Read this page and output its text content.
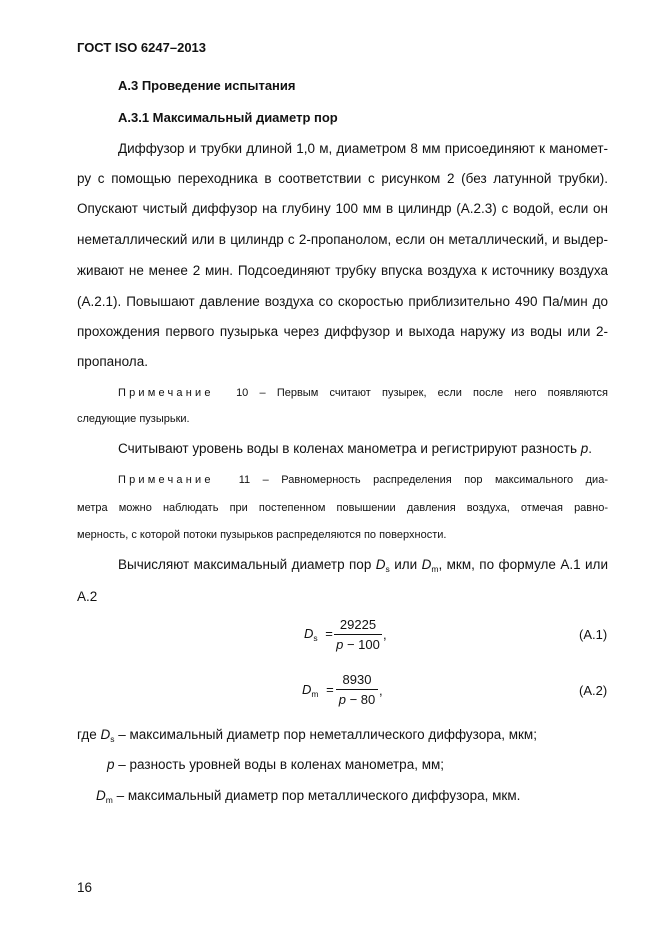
ГОСТ ISO 6247–2013
А.3 Проведение испытания
А.3.1 Максимальный диаметр пор
Диффузор и трубки длиной 1,0 м, диаметром 8 мм присоединяют к маномет-
ру с помощью переходника в соответствии с рисунком 2 (без латунной трубки).
Опускают чистый диффузор на глубину 100 мм в цилиндр (А.2.3) с водой, если он
неметаллический или в цилиндр с 2-пропанолом, если он металлический, и выдер-
живают не менее 2 мин. Подсоединяют трубку впуска воздуха к источнику воздуха
(А.2.1). Повышают давление воздуха со скоростью приблизительно 490 Па/мин до
прохождения первого пузырька через диффузор и выхода наружу из воды или 2-
пропанола.
Примечание 10 – Первым считают пузырек, если после него появляются
следующие пузырьки.
Считывают уровень воды в коленах манометра и регистрируют разность p.
Примечание 11 – Равномерность распределения пор максимального диа-
метра можно наблюдать при постепенном повышении давления воздуха, отмечая равно-
мерность, с которой потоки пузырьков распределяются по поверхности.
Вычисляют максимальный диаметр пор $D_s$ или $D_m$, мкм, по формуле А.1 или
А.2
$D_s$ =
29225
p − 100
,	(А.1)
$D_m$ =
8930
p − 80
,	(А.2)
где $D_s$ – максимальный диаметр пор неметаллического диффузора, мкм;
p – разность уровней воды в коленах манометра, мм;
$D_m$ – максимальный диаметр пор металлического диффузора, мкм.
16
